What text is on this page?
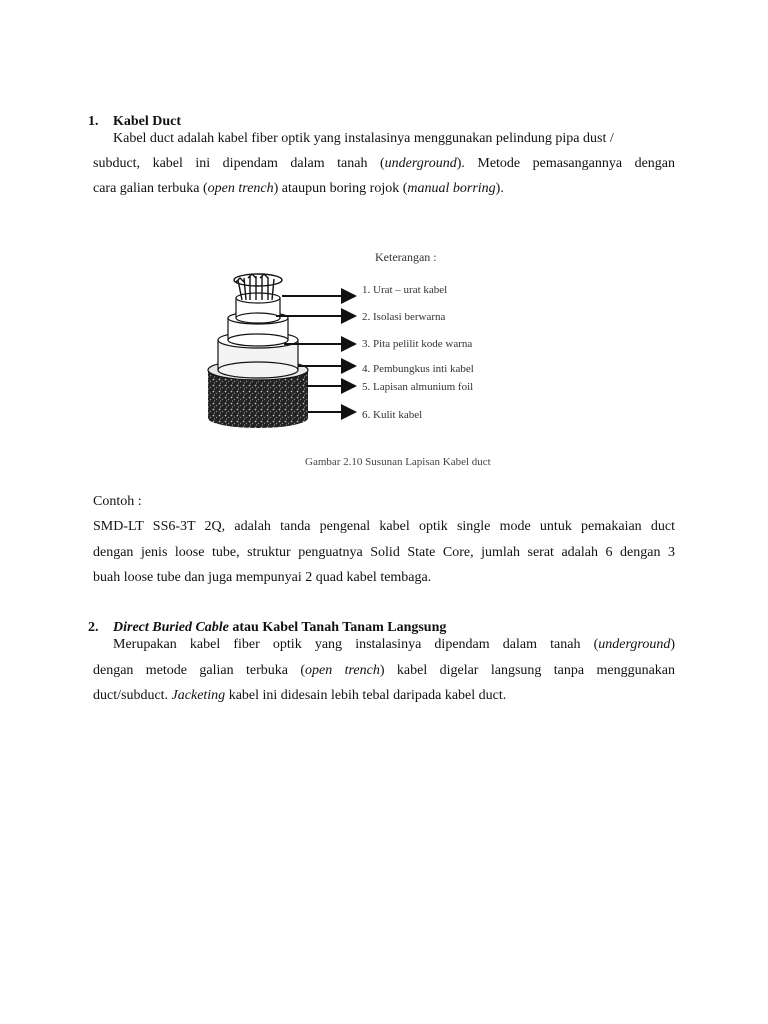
1. Kabel Duct
Kabel duct adalah kabel fiber optik yang instalasinya menggunakan pelindung pipa dust /
subduct, kabel ini dipendam dalam tanah (underground). Metode pemasangannya dengan
cara galian terbuka (open trench) ataupun boring rojok (manual borring).
Keterangan :
1. Urat – urat kabel
2. Isolasi berwarna
3. Pita pelilit kode warna
4. Pembungkus inti kabel
5. Lapisan almunium foil
6. Kulit kabel
Gambar 2.10 Susunan Lapisan Kabel duct
Contoh :
SMD-LT SS6-3T 2Q, adalah tanda pengenal kabel optik single mode untuk pemakaian duct
dengan jenis loose tube, struktur penguatnya Solid State Core, jumlah serat adalah 6 dengan 3
buah loose tube dan juga mempunyai 2 quad kabel tembaga.
2. Direct Buried Cable atau Kabel Tanah Tanam Langsung
Merupakan kabel fiber optik yang instalasinya dipendam dalam tanah (underground)
dengan metode galian terbuka (open trench) kabel digelar langsung tanpa menggunakan
duct/subduct. Jacketing kabel ini didesain lebih tebal daripada kabel duct.
